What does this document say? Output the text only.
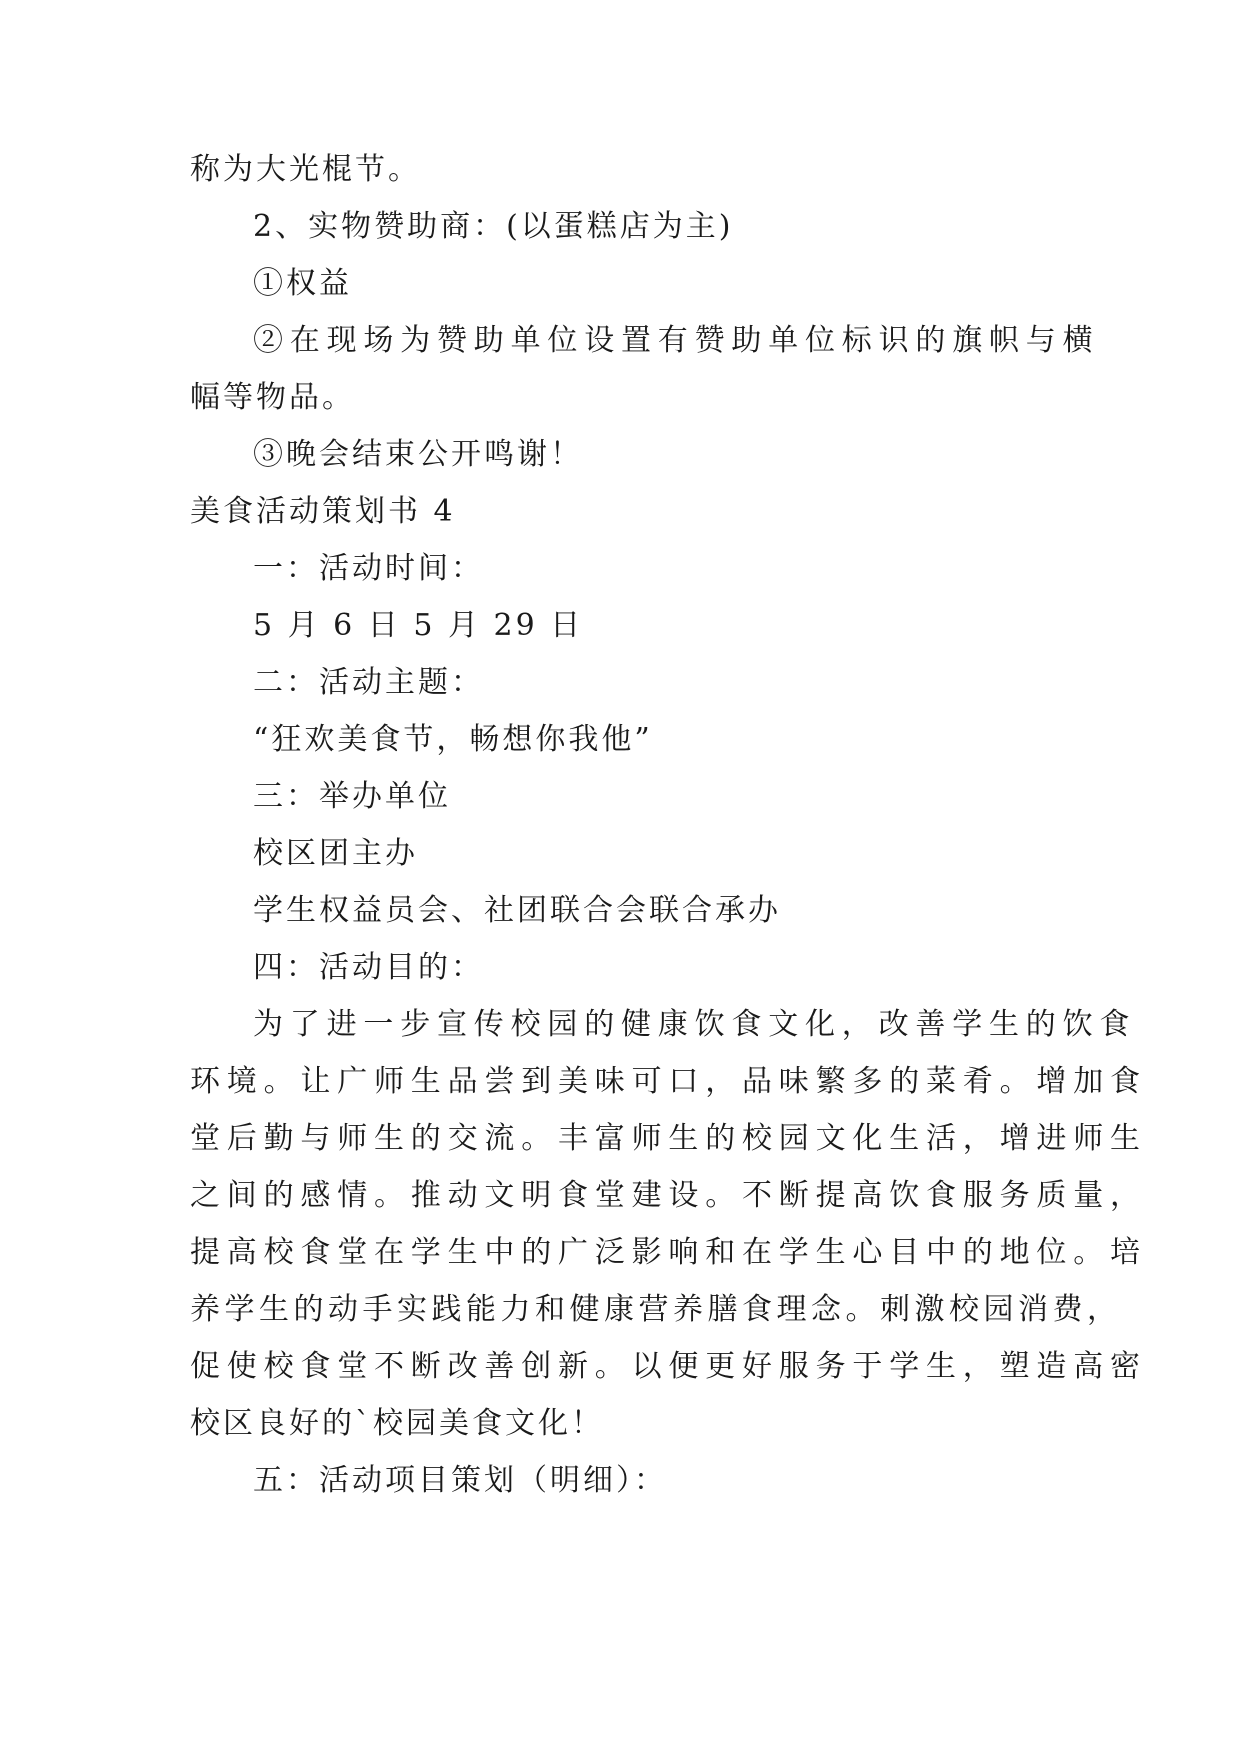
称为大光棍节。
2、实物赞助商：(以蛋糕店为主)
①权益
②在现场为赞助单位设置有赞助单位标识的旗帜与横
幅等物品。
③晚会结束公开鸣谢！
美食活动策划书 4
一：活动时间：
5 月 6 日 5 月 29 日
二：活动主题：
“狂欢美食节，畅想你我他”
三：举办单位
校区团主办
学生权益员会、社团联合会联合承办
四：活动目的：
为了进一步宣传校园的健康饮食文化，改善学生的饮食
环境。让广师生品尝到美味可口，品味繁多的菜肴。增加食
堂后勤与师生的交流。丰富师生的校园文化生活，增进师生
之间的感情。推动文明食堂建设。不断提高饮食服务质量，
提高校食堂在学生中的广泛影响和在学生心目中的地位。培
养学生的动手实践能力和健康营养膳食理念。刺激校园消费，
促使校食堂不断改善创新。以便更好服务于学生，塑造高密
校区良好的`校园美食文化！
五：活动项目策划（明细）：
